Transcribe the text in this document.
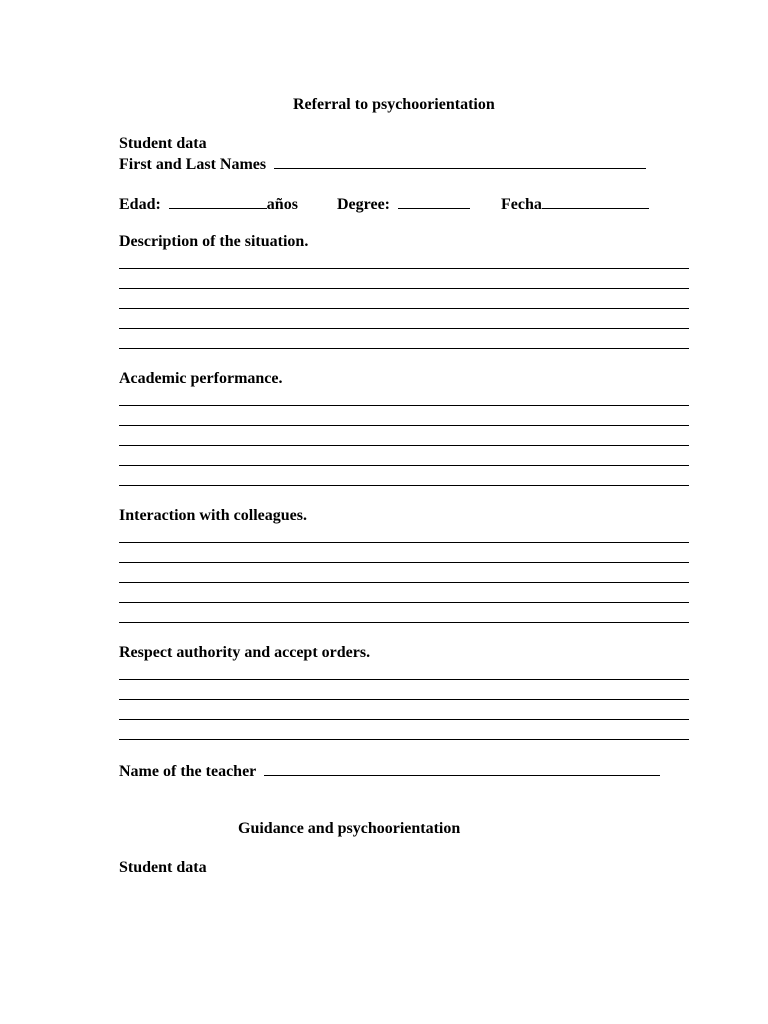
Referral to psychoorientation
Student data
First and Last Names
Edad:	años Degree:	Fecha
Description of the situation.
Academic performance.
Interaction with colleagues.
Respect authority and accept orders.
Name of the teacher
Guidance and psychoorientation
Student data
